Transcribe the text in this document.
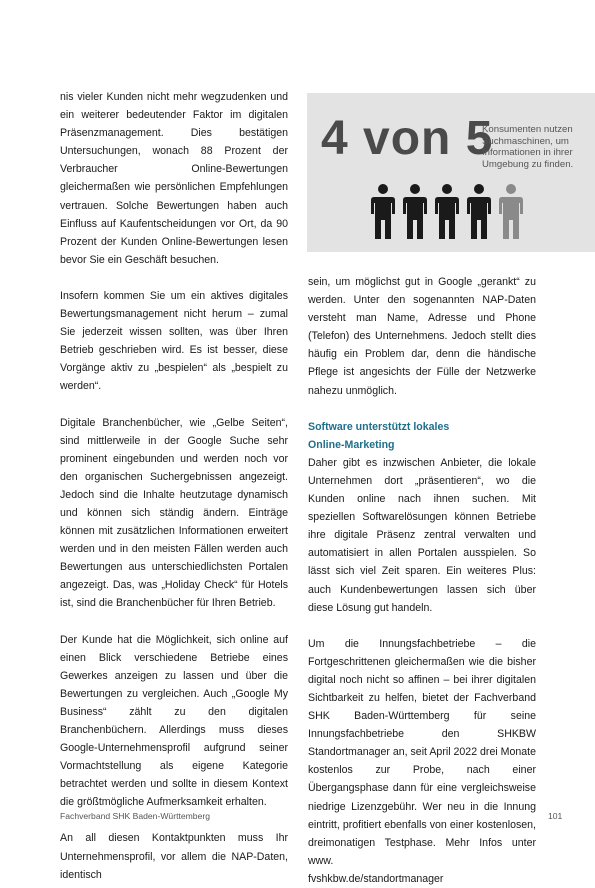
nis vieler Kunden nicht mehr wegzudenken und ein weiterer bedeutender Faktor im digitalen Präsenzmanagement. Dies bestätigen Untersuchungen, wonach 88 Prozent der Verbraucher Online-Bewertungen gleichermaßen wie persönlichen Empfehlungen vertrauen. Solche Bewertungen haben auch Einfluss auf Kaufentscheidungen vor Ort, da 90 Prozent der Kunden Online-Bewertungen lesen bevor Sie ein Geschäft besuchen.

Insofern kommen Sie um ein aktives digitales Bewertungsmanagement nicht herum – zumal Sie jederzeit wissen sollten, was über Ihren Betrieb geschrieben wird. Es ist besser, diese Vorgänge aktiv zu „bespielen“ als „bespielt zu werden“.

Digitale Branchenbücher, wie „Gelbe Seiten“, sind mittlerweile in der Google Suche sehr prominent eingebunden und werden noch vor den organischen Suchergebnissen angezeigt. Jedoch sind die Inhalte heutzutage dynamisch und können sich ständig ändern. Einträge können mit zusätzlichen Informationen erweitert werden und in den meisten Fällen werden auch Bewertungen aus unterschiedlichsten Portalen angezeigt. Das, was „Holiday Check“ für Hotels ist, sind die Branchenbücher für Ihren Betrieb.

Der Kunde hat die Möglichkeit, sich online auf einen Blick verschiedene Betriebe eines Gewerkes anzeigen zu lassen und über die Bewertungen zu vergleichen. Auch „Google My Business“ zählt zu den digitalen Branchenbüchern. Allerdings muss dieses Google-Unternehmensprofil aufgrund seiner Vormachtstellung als eigene Kategorie betrachtet werden und sollte in diesem Kontext die größtmögliche Aufmerksamkeit erhalten.

An all diesen Kontaktpunkten muss Ihr Unternehmensprofil, vor allem die NAP-Daten, identisch

4 von 5
Konsumenten nutzen
Suchmaschinen, um
Informationen in ihrer
Umgebung zu finden.

sein, um möglichst gut in Google „gerankt“ zu werden. Unter den sogenannten NAP-Daten versteht man Name, Adresse und Phone (Telefon) des Unternehmens. Jedoch stellt dies häufig ein Problem dar, denn die händische Pflege ist angesichts der Fülle der Netzwerke nahezu unmöglich.

Software unterstützt lokales
Online-Marketing

Daher gibt es inzwischen Anbieter, die lokale Unternehmen dort „präsentieren“, wo die Kunden online nach ihnen suchen. Mit speziellen Softwarelösungen können Betriebe ihre digitale Präsenz zentral verwalten und automatisiert in allen Portalen ausspielen. So lässt sich viel Zeit sparen. Ein weiteres Plus: auch Kundenbewertungen lassen sich über diese Lösung gut handeln.

Um die Innungsfachbetriebe – die Fortgeschrittenen gleichermaßen wie die bisher digital noch nicht so affinen – bei ihrer digitalen Sichtbarkeit zu helfen, bietet der Fachverband SHK Baden-Württemberg für seine Innungsfachbetriebe den SHKBW Standortmanager an, seit April 2022 drei Monate kostenlos zur Probe, nach einer Übergangsphase dann für eine vergleichsweise niedrige Lizenzgebühr. Wer neu in die Innung eintritt, profitiert ebenfalls von einer kostenlosen, dreimonatigen Testphase. Mehr Infos unter www.

fvshkbw.de/standortmanager

Fachverband SHK Baden-Württemberg	101
